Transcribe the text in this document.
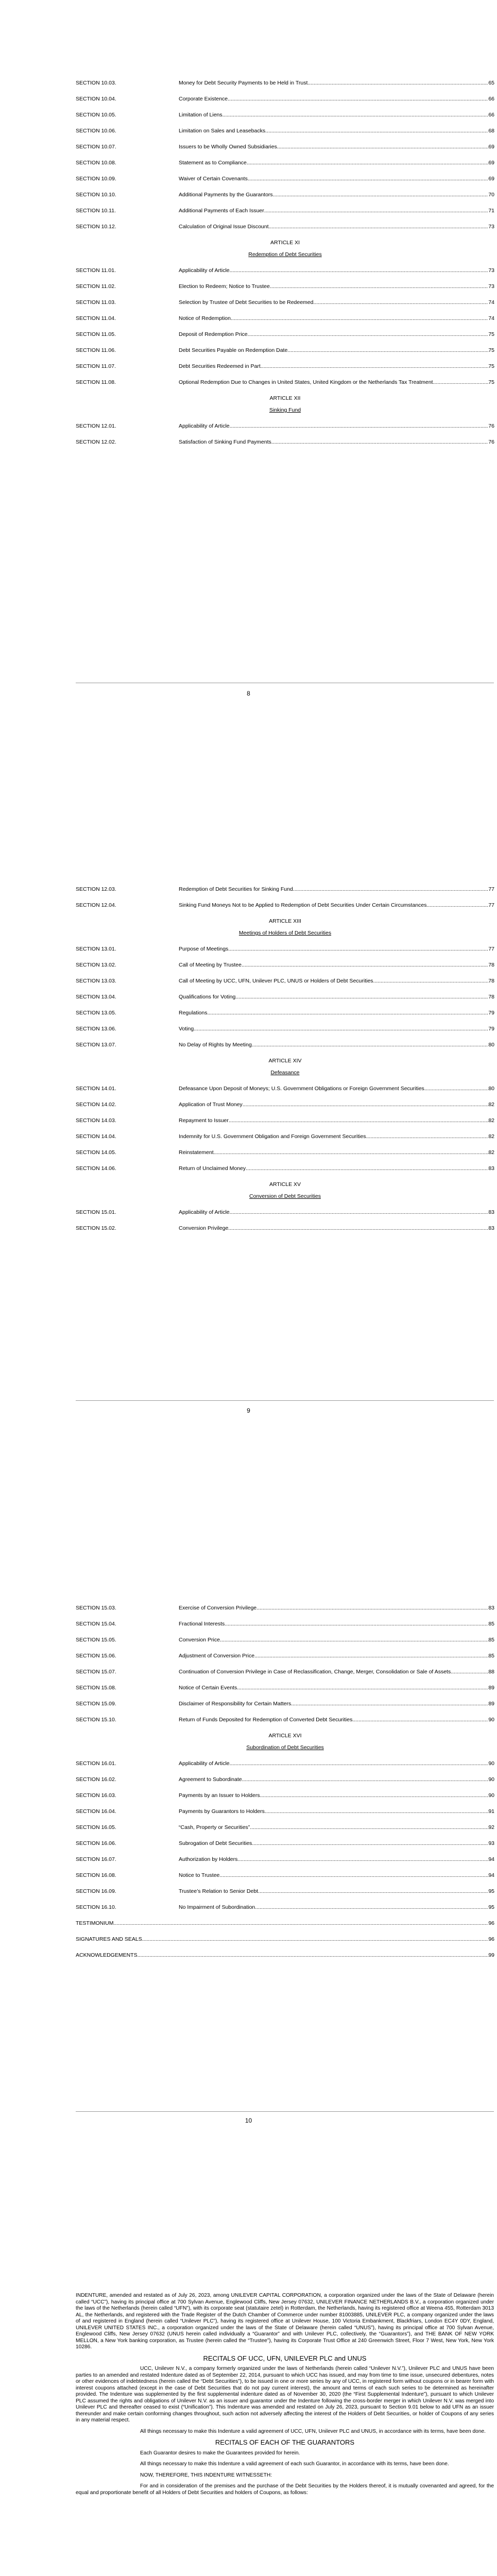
SECTION 10.03.	Money for Debt Security Payments to be Held in Trust .....	65
SECTION 10.04.	Corporate Existence .....	66
SECTION 10.05.	Limitation of Liens .....	66
SECTION 10.06.	Limitation on Sales and Leasebacks .....	68
SECTION 10.07.	Issuers to be Wholly Owned Subsidiaries .....	69
SECTION 10.08.	Statement as to Compliance .....	69
SECTION 10.09.	Waiver of Certain Covenants .....	69
SECTION 10.10.	Additional Payments by the Guarantors .....	70
SECTION 10.11.	Additional Payments of Each Issuer .....	71
SECTION 10.12.	Calculation of Original Issue Discount .....	73
ARTICLE XI
Redemption of Debt Securities
SECTION 11.01.	Applicability of Article .....	73
SECTION 11.02.	Election to Redeem; Notice to Trustee .....	73
SECTION 11.03.	Selection by Trustee of Debt Securities to be Redeemed .....	74
SECTION 11.04.	Notice of Redemption .....	74
SECTION 11.05.	Deposit of Redemption Price .....	75
SECTION 11.06.	Debt Securities Payable on Redemption Date .....	75
SECTION 11.07.	Debt Securities Redeemed in Part .....	75
SECTION 11.08.	Optional Redemption Due to Changes in United States, United Kingdom or the Netherlands Tax Treatment .....	75
ARTICLE XII
Sinking Fund
SECTION 12.01.	Applicability of Article .....	76
SECTION 12.02.	Satisfaction of Sinking Fund Payments .....	76
8
SECTION 12.03.	Redemption of Debt Securities for Sinking Fund .....	77
SECTION 12.04.	Sinking Fund Moneys Not to be Applied to Redemption of Debt Securities Under Certain Circumstances .....	77
ARTICLE XIII
Meetings of Holders of Debt Securities
SECTION 13.01.	Purpose of Meetings .....	77
SECTION 13.02.	Call of Meeting by Trustee .....	78
SECTION 13.03.	Call of Meeting by UCC, UFN, Unilever PLC, UNUS or Holders of Debt Securities .....	78
SECTION 13.04.	Qualifications for Voting .....	78
SECTION 13.05.	Regulations .....	79
SECTION 13.06.	Voting .....	79
SECTION 13.07.	No Delay of Rights by Meeting .....	80
ARTICLE XIV
Defeasance
SECTION 14.01.	Defeasance Upon Deposit of Moneys; U.S. Government Obligations or Foreign Government Securities .....	80
SECTION 14.02.	Application of Trust Money .....	82
SECTION 14.03.	Repayment to Issuer .....	82
SECTION 14.04.	Indemnity for U.S. Government Obligation and Foreign Government Securities .....	82
SECTION 14.05.	Reinstatement .....	82
SECTION 14.06.	Return of Unclaimed Money .....	83
ARTICLE XV
Conversion of Debt Securities
SECTION 15.01.	Applicability of Article .....	83
SECTION 15.02.	Conversion Privilege .....	83
9
SECTION 15.03.	Exercise of Conversion Privilege .....	83
SECTION 15.04.	Fractional Interests .....	85
SECTION 15.05.	Conversion Price .....	85
SECTION 15.06.	Adjustment of Conversion Price .....	85
SECTION 15.07.	Continuation of Conversion Privilege in Case of Reclassification, Change, Merger, Consolidation or Sale of Assets .....	88
SECTION 15.08.	Notice of Certain Events .....	89
SECTION 15.09.	Disclaimer of Responsibility for Certain Matters .....	89
SECTION 15.10.	Return of Funds Deposited for Redemption of Converted Debt Securities .....	90
ARTICLE XVI
Subordination of Debt Securities
SECTION 16.01.	Applicability of Article .....	90
SECTION 16.02.	Agreement to Subordinate .....	90
SECTION 16.03.	Payments by an Issuer to Holders .....	90
SECTION 16.04.	Payments by Guarantors to Holders .....	91
SECTION 16.05.	“Cash, Property or Securities” .....	92
SECTION 16.06.	Subrogation of Debt Securities .....	93
SECTION 16.07.	Authorization by Holders .....	94
SECTION 16.08.	Notice to Trustee .....	94
SECTION 16.09.	Trustee’s Relation to Senior Debt .....	95
SECTION 16.10.	No Impairment of Subordination .....	95
TESTIMONIUM .....	96
SIGNATURES AND SEALS .....	96
ACKNOWLEDGEMENTS .....	99
10

INDENTURE, amended and restated as of July 26, 2023, among UNILEVER CAPITAL CORPORATION, a corporation organized under the laws of the State of Delaware (herein called “UCC”), having its principal office at 700 Sylvan Avenue, Englewood Cliffs, New Jersey 07632, UNILEVER FINANCE NETHERLANDS B.V., a corporation organized under the laws of the Netherlands (herein called “UFN”), with its corporate seat (statutaire zetel) in Rotterdam, the Netherlands, having its registered office at Weena 455, Rotterdam 3013 AL, the Netherlands, and registered with the Trade Register of the Dutch Chamber of Commerce under number 81003885, UNILEVER PLC, a company organized under the laws of and registered in England (herein called “Unilever PLC”), having its registered office at Unilever House, 100 Victoria Embankment, Blackfriars, London EC4Y 0DY, England, UNILEVER UNITED STATES INC., a corporation organized under the laws of the State of Delaware (herein called “UNUS”), having its principal office at 700 Sylvan Avenue, Englewood Cliffs, New Jersey 07632 (UNUS herein called individually a “Guarantor” and with Unilever PLC, collectively, the “Guarantors”), and THE BANK OF NEW YORK MELLON, a New York banking corporation, as Trustee (herein called the “Trustee”), having its Corporate Trust Office at 240 Greenwich Street, Floor 7 West, New York, New York 10286.

RECITALS OF UCC, UFN, UNILEVER PLC and UNUS

UCC, Unilever N.V., a company formerly organized under the laws of Netherlands (herein called “Unilever N.V.”), Unilever PLC and UNUS have been parties to an amended and restated Indenture dated as of September 22, 2014, pursuant to which UCC has issued, and may from time to time issue, unsecured debentures, notes or other evidences of indebtedness (herein called the “Debt Securities”), to be issued in one or more series by any of UCC, in registered form without coupons or in bearer form with interest coupons attached (except in the case of Debt Securities that do not pay current interest), the amount and terms of each such series to be determined as hereinafter provided. The Indenture was supplemented by the first supplemental indenture dated as of November 30, 2020 (the “First Supplemental Indenture”), pursuant to which Unilever PLC assumed the rights and obligations of Unilever N.V. as an issuer and guarantor under the Indenture following the cross-border merger in which Unilever N.V. was merged into Unilever PLC and thereafter ceased to exist (“Unification”). This Indenture was amended and restated on July 26, 2023, pursuant to Section 9.01 below to add UFN as an issuer thereunder and make certain conforming changes throughout, such action not adversely affecting the interest of the Holders of Debt Securities, or holder of Coupons of any series in any material respect.

All things necessary to make this Indenture a valid agreement of UCC, UFN, Unilever PLC and UNUS, in accordance with its terms, have been done.

RECITALS OF EACH OF THE GUARANTORS

Each Guarantor desires to make the Guarantees provided for herein.

All things necessary to make this Indenture a valid agreement of each such Guarantor, in accordance with its terms, have been done.

NOW, THEREFORE, THIS INDENTURE WITNESSETH:

For and in consideration of the premises and the purchase of the Debt Securities by the Holders thereof, it is mutually covenanted and agreed, for the equal and proportionate benefit of all Holders of Debt Securities and holders of Coupons, as follows:
